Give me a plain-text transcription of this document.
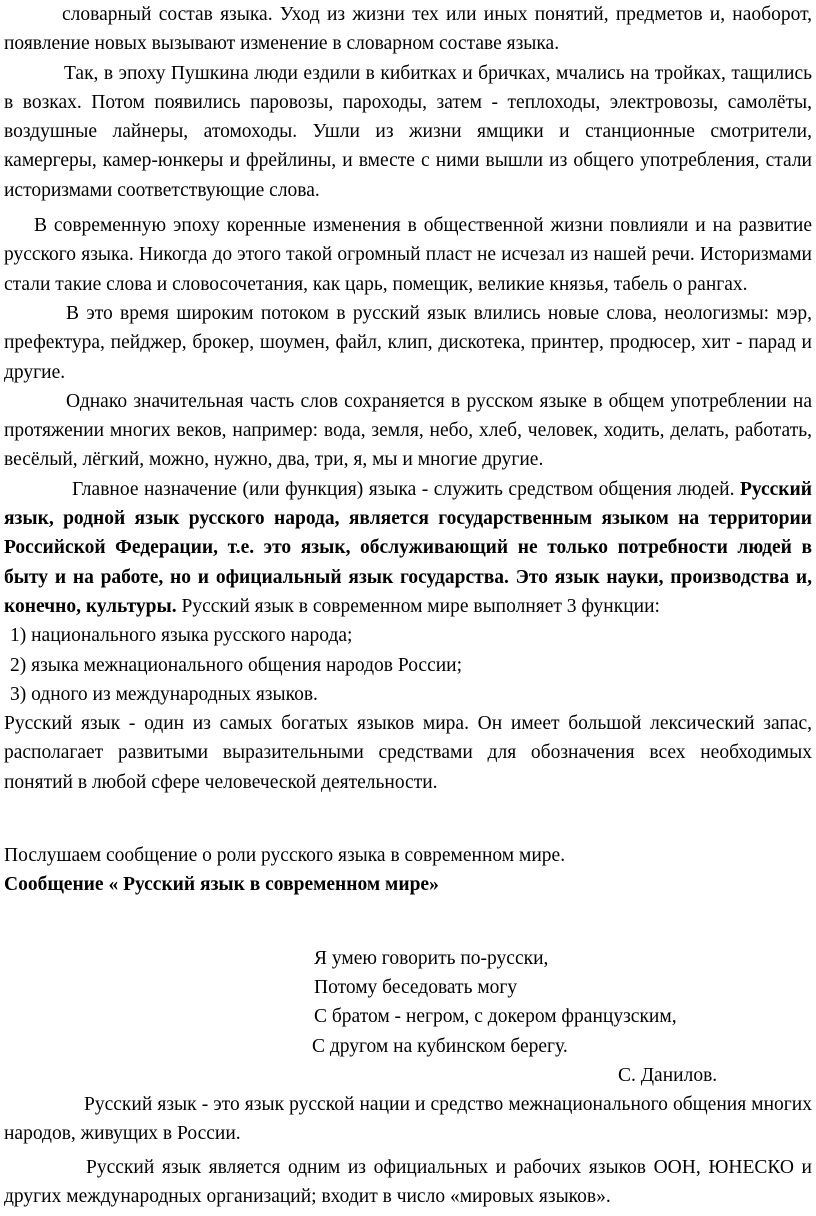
словарный состав языка. Уход из жизни тех или иных понятий, предметов и, наоборот, появление новых вызывают изменение в словарном составе языка.

Так, в эпоху Пушкина люди ездили в кибитках и бричках, мчались на тройках, тащились в возках. Потом появились паровозы, пароходы, затем - теплоходы, электровозы, самолёты, воздушные лайнеры, атомоходы. Ушли из жизни ямщики и станционные смотрители, камергеры, камер-юнкеры и фрейлины, и вместе с ними вышли из общего употребления, стали историзмами соответствующие слова.

В современную эпоху коренные изменения в общественной жизни повлияли и на развитие русского языка. Никогда до этого такой огромный пласт не исчезал из нашей речи. Историзмами стали такие слова и словосочетания, как царь, помещик, великие князья, табель о рангах.

В это время широким потоком в русский язык влились новые слова, неологизмы: мэр, префектура, пейджер, брокер, шоумен, файл, клип, дискотека, принтер, продюсер, хит - парад и другие.

Однако значительная часть слов сохраняется в русском языке в общем употреблении на протяжении многих веков, например: вода, земля, небо, хлеб, человек, ходить, делать, работать, весёлый, лёгкий, можно, нужно, два, три, я, мы и многие другие.

Главное назначение (или функция) языка - служить средством общения людей. Русский язык, родной язык русского народа, является государственным языком на территории Российской Федерации, т.е. это язык, обслуживающий не только потребности людей в быту и на работе, но и официальный язык государства. Это язык науки, производства и, конечно, культуры. Русский язык в современном мире выполняет 3 функции:

1) национального языка русского народа;

2) языка межнационального общения народов России;

3) одного из международных языков.

Русский язык - один из самых богатых языков мира. Он имеет большой лексический запас, располагает развитыми выразительными средствами для обозначения всех необходимых понятий в любой сфере человеческой деятельности.

Послушаем сообщение о роли русского языка в современном мире.

Сообщение « Русский язык в современном мире»

Я умею говорить по-русски,

Потому беседовать могу

С братом - негром, с докером французским,

С другом на кубинском берегу.

С. Данилов.

Русский язык - это язык русской нации и средство межнационального общения многих народов, живущих в России.

Русский язык является одним из официальных и рабочих языков ООН, ЮНЕСКО и других международных организаций; входит в число «мировых языков».
